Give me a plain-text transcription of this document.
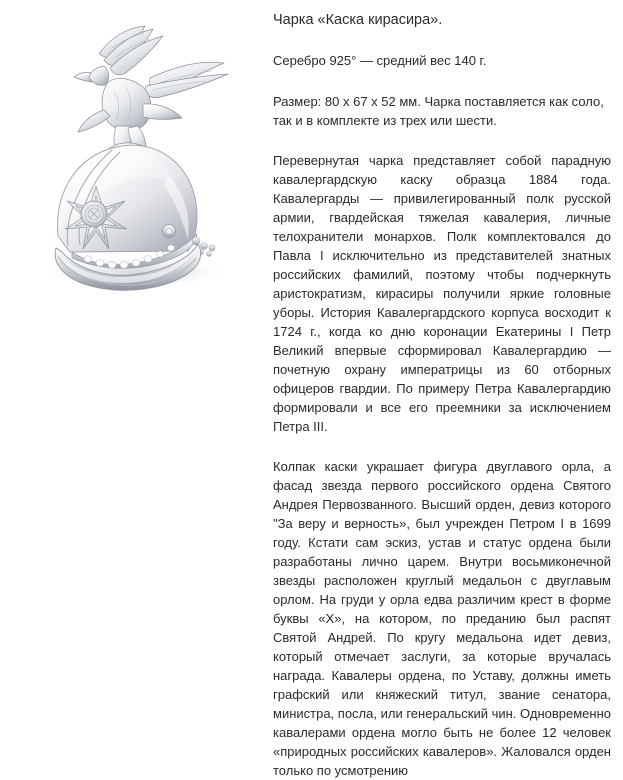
Чарка «Каска кирасира».

Серебро 925° — средний вес 140 г.

Размер: 80 x 67 x 52 мм. Чарка поставляется как соло, так и в комплекте из трех или шести.

Перевернутая чарка представляет собой парадную кавалергардскую каску образца 1884 года. Кавалергарды — привилегированный полк русской армии, гвардейская тяжелая кавалерия, личные телохранители монархов. Полк комплектовался до Павла I исключительно из представителей знатных российских фамилий, поэтому чтобы подчеркнуть аристократизм, кирасиры получили яркие головные уборы. История Кавалергардского корпуса восходит к 1724 г., когда ко дню коронации Екатерины I Петр Великий впервые сформировал Кавалергардию — почетную охрану императрицы из 60 отборных офицеров гвардии. По примеру Петра Кавалергардию формировали и все его преемники за исключением Петра III.

Колпак каски украшает фигура двуглавого орла, а фасад звезда первого российского ордена Святого Андрея Первозванного. Высший орден, девиз которого "За веру и верность», был учрежден Петром I в 1699 году. Кстати сам эскиз, устав и статус ордена были разработаны лично царем. Внутри восьмиконечной звезды расположен круглый медальон с двуглавым орлом. На груди у орла едва различим крест в форме буквы «Х», на котором, по преданию был распят Святой Андрей. По кругу медальона идет девиз, который отмечает заслуги, за которые вручалась награда. Кавалеры ордена, по Уставу, должны иметь графский или княжеский титул, звание сенатора, министра, посла, или генеральский чин. Одновременно кавалерами ордена могло быть не более 12 человек «природных российских кавалеров». Жаловался орден только по усмотрению
